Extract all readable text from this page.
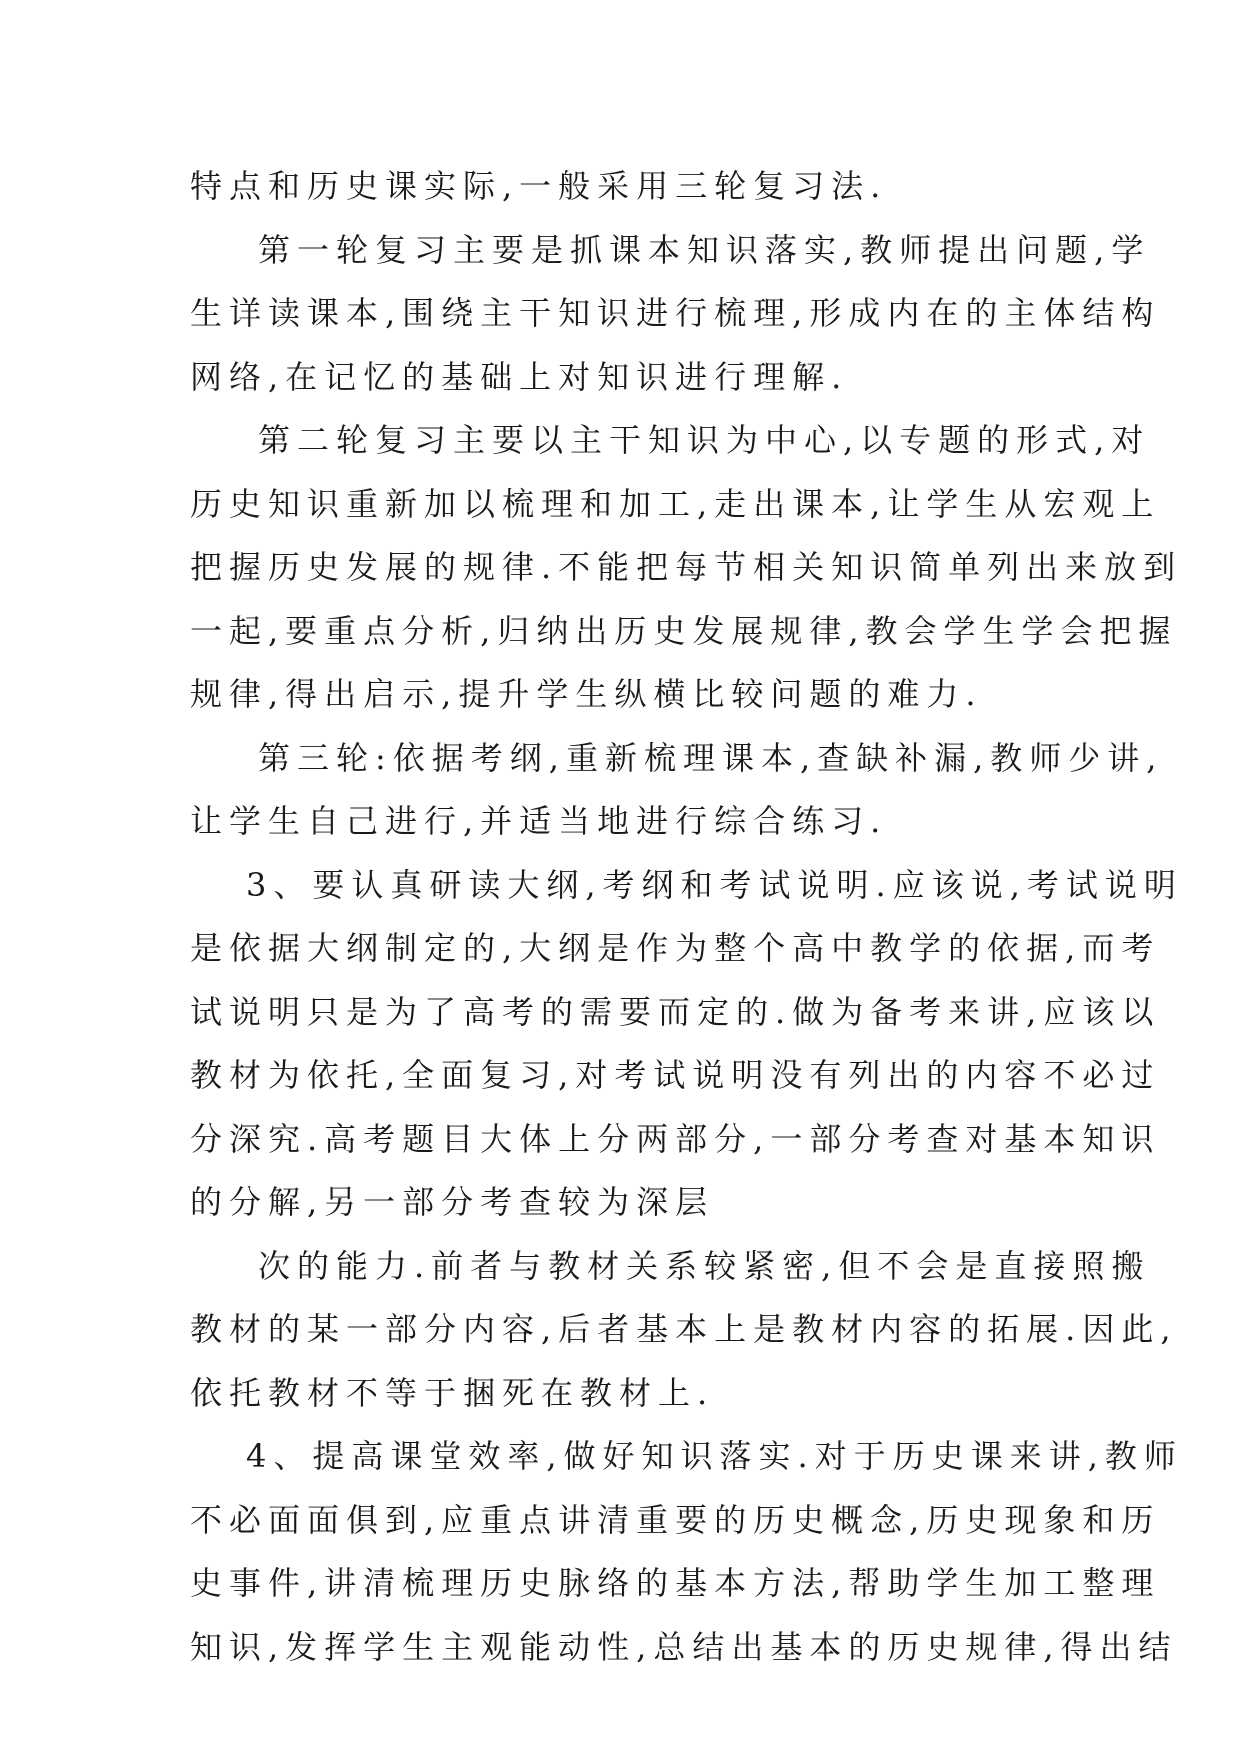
特点和历史课实际,一般采用三轮复习法.
第一轮复习主要是抓课本知识落实,教师提出问题,学
生详读课本,围绕主干知识进行梳理,形成内在的主体结构
网络,在记忆的基础上对知识进行理解.
第二轮复习主要以主干知识为中心,以专题的形式,对
历史知识重新加以梳理和加工,走出课本,让学生从宏观上
把握历史发展的规律.不能把每节相关知识简单列出来放到
一起,要重点分析,归纳出历史发展规律,教会学生学会把握
规律,得出启示,提升学生纵横比较问题的难力.
第三轮:依据考纲,重新梳理课本,查缺补漏,教师少讲,
让学生自己进行,并适当地进行综合练习.
3、要认真研读大纲,考纲和考试说明.应该说,考试说明
是依据大纲制定的,大纲是作为整个高中教学的依据,而考
试说明只是为了高考的需要而定的.做为备考来讲,应该以
教材为依托,全面复习,对考试说明没有列出的内容不必过
分深究.高考题目大体上分两部分,一部分考查对基本知识
的分解,另一部分考查较为深层
次的能力.前者与教材关系较紧密,但不会是直接照搬
教材的某一部分内容,后者基本上是教材内容的拓展.因此,
依托教材不等于捆死在教材上.
4、提高课堂效率,做好知识落实.对于历史课来讲,教师
不必面面俱到,应重点讲清重要的历史概念,历史现象和历
史事件,讲清梳理历史脉络的基本方法,帮助学生加工整理
知识,发挥学生主观能动性,总结出基本的历史规律,得出结
